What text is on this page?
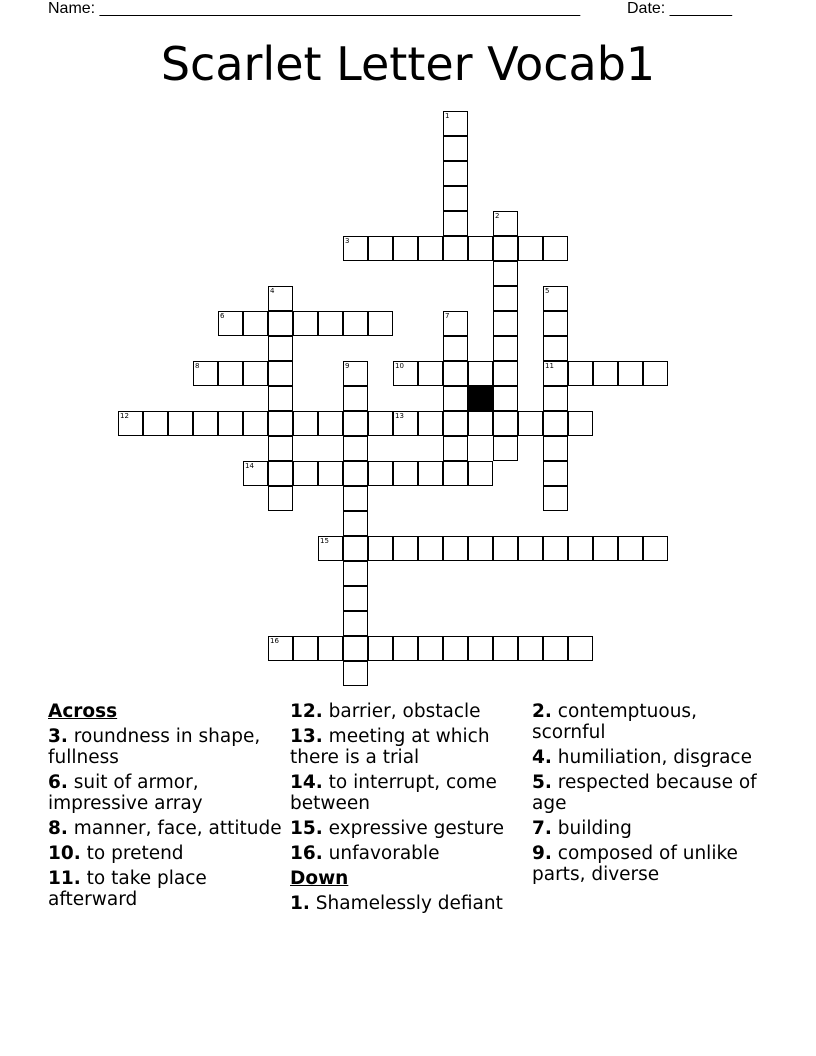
Name: ______________________________________________________	Date: _______
Scarlet Letter Vocab1
1
2
3
4	5
11
6	7
8	9	10
12	13
14
15
16
Across
3. roundness in shape, fullness
6. suit of armor, impressive array
8. manner, face, attitude
10. to pretend
11. to take place afterward
12. barrier, obstacle
13. meeting at which there is a trial
14. to interrupt, come between
15. expressive gesture
16. unfavorable
Down
1. Shamelessly defiant
2. contemptuous, scornful
4. humiliation, disgrace
5. respected because of age
7. building
9. composed of unlike parts, diverse
